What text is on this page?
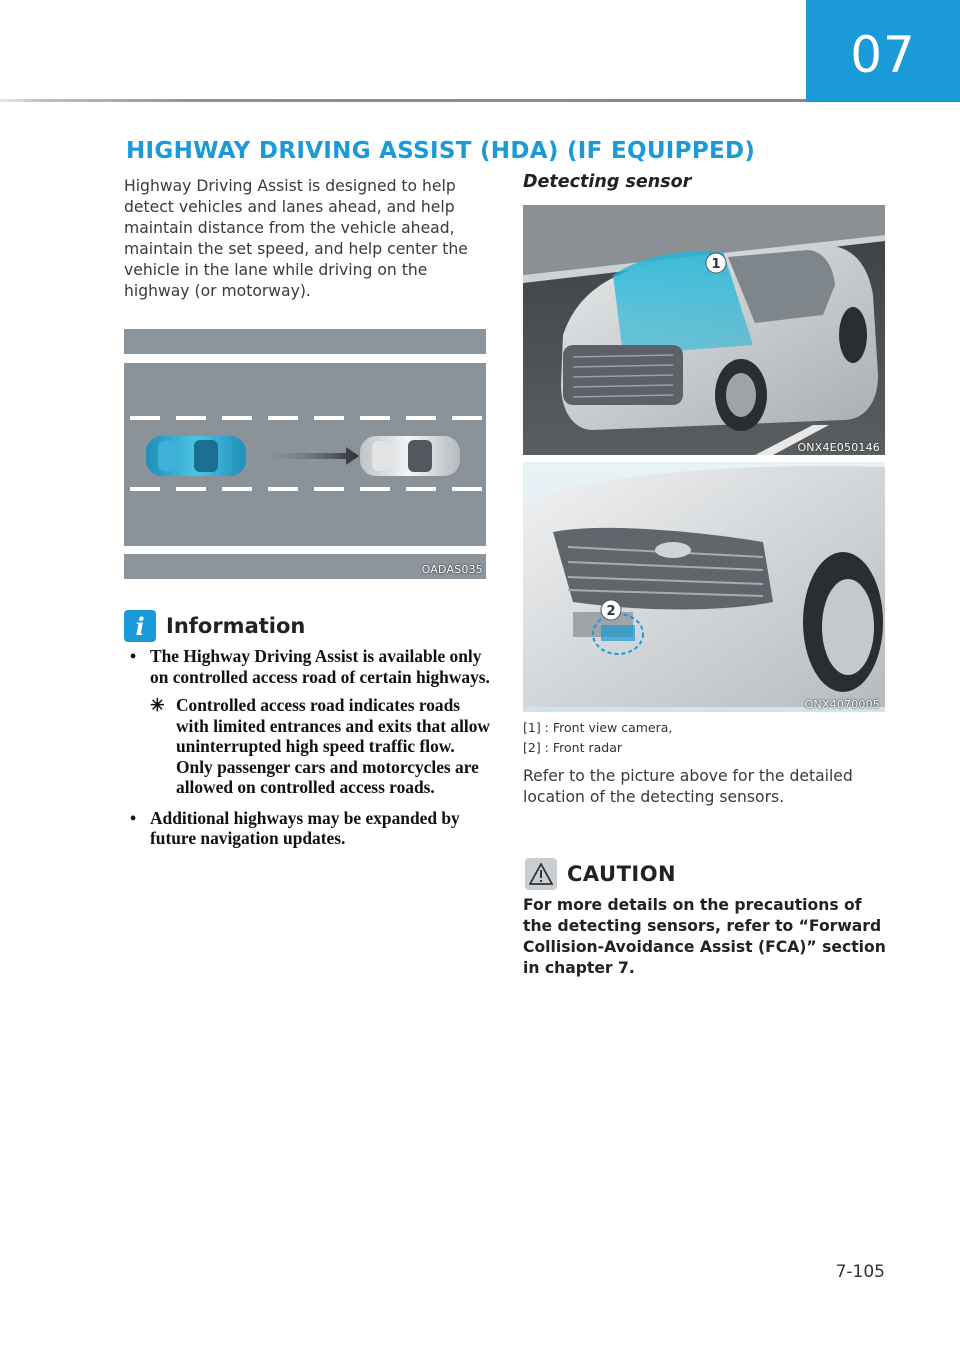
07
HIGHWAY DRIVING ASSIST (HDA) (IF EQUIPPED)

Highway Driving Assist is designed to help detect vehicles and lanes ahead, and help maintain distance from the vehicle ahead, maintain the set speed, and help center the vehicle in the lane while driving on the highway (or motorway).

OADAS035
i	Information
• The Highway Driving Assist is available only on controlled access road of certain highways.
✳ Controlled access road indicates roads with limited entrances and exits that allow uninterrupted high speed traffic flow. Only passenger cars and motorcycles are allowed on controlled access roads.
• Additional highways may be expanded by future navigation updates.
Detecting sensor
1
ONX4E050146
2
ONX4070005
[1] : Front view camera,
[2] : Front radar

Refer to the picture above for the detailed location of the detecting sensors.

CAUTION

For more details on the precautions of the detecting sensors, refer to “Forward Collision-Avoidance Assist (FCA)” section in chapter 7.

7-105
